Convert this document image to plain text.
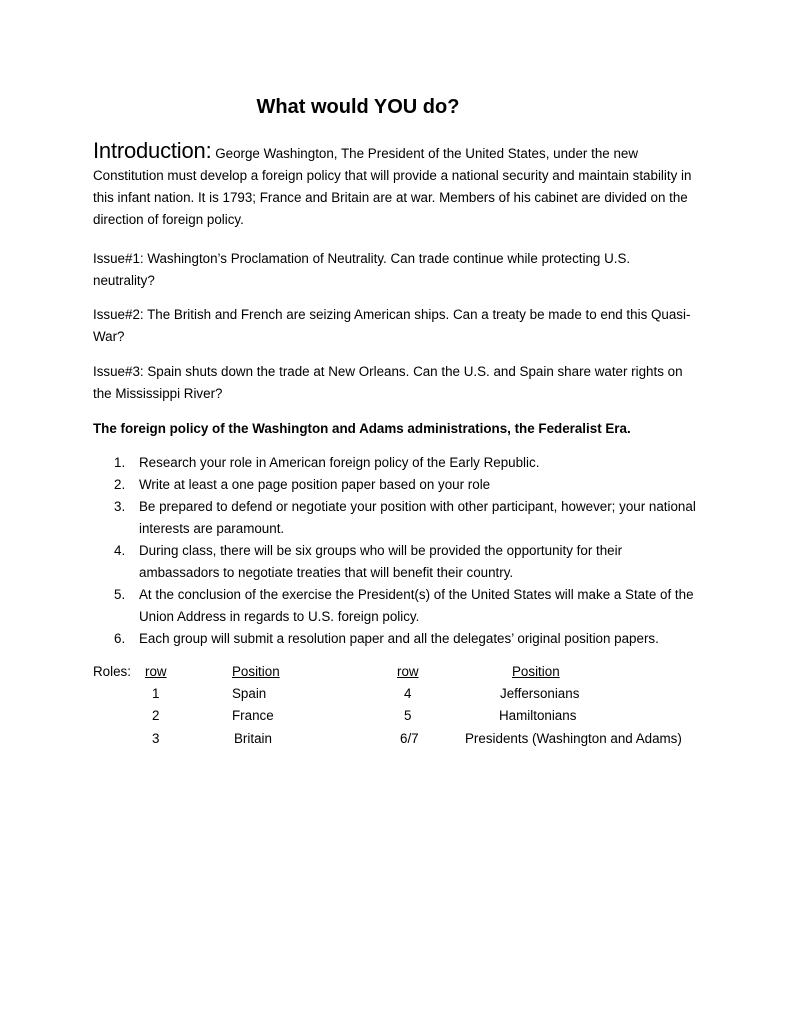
What would YOU do?

Introduction: George Washington, The President of the United States, under the new Constitution must develop a foreign policy that will provide a national security and maintain stability in this infant nation. It is 1793; France and Britain are at war. Members of his cabinet are divided on the direction of foreign policy.

Issue#1: Washington’s Proclamation of Neutrality. Can trade continue while protecting U.S. neutrality?

Issue#2: The British and French are seizing American ships. Can a treaty be made to end this Quasi-War?

Issue#3: Spain shuts down the trade at New Orleans. Can the U.S. and Spain share water rights on the Mississippi River?

The foreign policy of the Washington and Adams administrations, the Federalist Era.

1. Research your role in American foreign policy of the Early Republic.
2. Write at least a one page position paper based on your role
3. Be prepared to defend or negotiate your position with other participant, however; your national interests are paramount.
4. During class, there will be six groups who will be provided the opportunity for their ambassadors to negotiate treaties that will benefit their country.
5. At the conclusion of the exercise the President(s) of the United States will make a State of the Union Address in regards to U.S. foreign policy.
6. Each group will submit a resolution paper and all the delegates’ original position papers.
Roles: row	Position	row	Position
1	Spain	4	Jeffersonians
2	France	5	Hamiltonians
3	Britain	6/7	Presidents (Washington and Adams)
